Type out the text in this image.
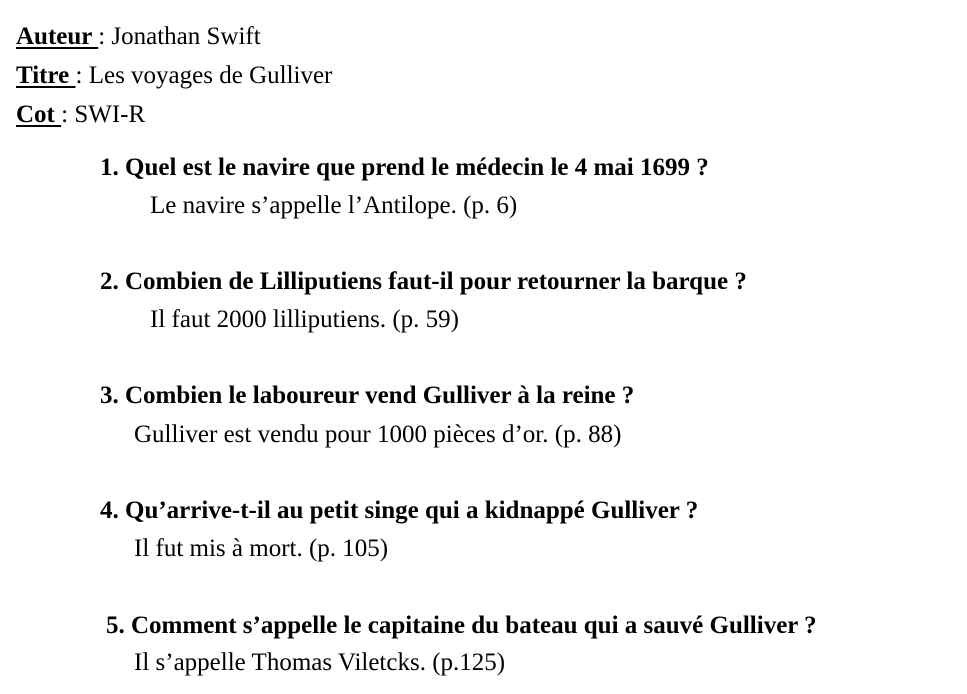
Auteur : Jonathan Swift
Titre : Les voyages de Gulliver
Cot : SWI-R
1. Quel est le navire que prend le médecin le 4 mai 1699 ?
Le navire s’appelle l’Antilope. (p. 6)
2. Combien de Lilliputiens faut-il pour retourner la barque ?
Il faut 2000 lilliputiens. (p. 59)
3. Combien le laboureur vend Gulliver à la reine ?
Gulliver est vendu pour 1000 pièces d’or. (p. 88)
4. Qu’arrive-t-il au petit singe qui a kidnappé Gulliver ?
Il fut mis à mort. (p. 105)
5. Comment s’appelle le capitaine du bateau qui a sauvé Gulliver ?
Il s’appelle Thomas Viletcks. (p.125)
